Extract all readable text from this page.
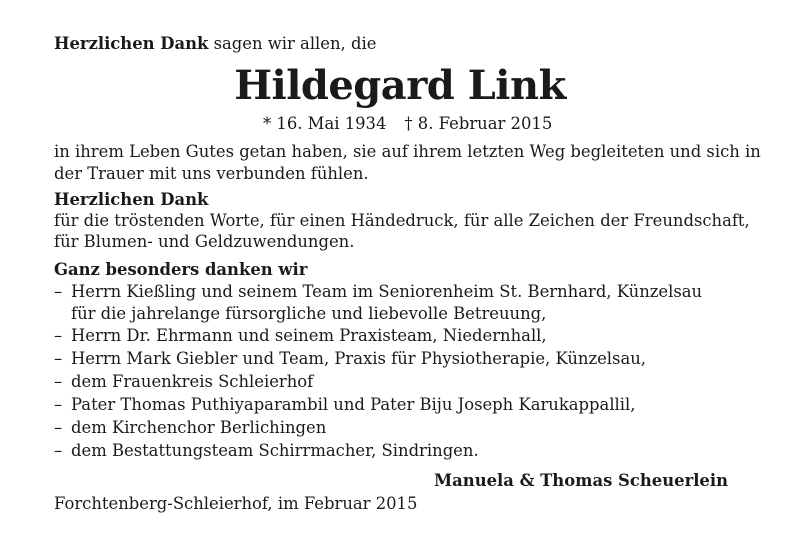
Herzlichen Dank sagen wir allen, die
Hildegard Link
* 16. Mai 1934 † 8. Februar 2015
in ihrem Leben Gutes getan haben, sie auf ihrem letzten Weg begleiteten und sich in
der Trauer mit uns verbunden fühlen.
Herzlichen Dank
für die tröstenden Worte, für einen Händedruck, für alle Zeichen der Freundschaft,
für Blumen- und Geldzuwendungen.
Ganz besonders danken wir
– Herrn Kießling und seinem Team im Seniorenheim St. Bernhard, Künzelsau
für die jahrelange fürsorgliche und liebevolle Betreuung,
– Herrn Dr. Ehrmann und seinem Praxisteam, Niedernhall,
– Herrn Mark Giebler und Team, Praxis für Physiotherapie, Künzelsau,
– dem Frauenkreis Schleierhof
– Pater Thomas Puthiyaparambil und Pater Biju Joseph Karukappallil,
– dem Kirchenchor Berlichingen
– dem Bestattungsteam Schirrmacher, Sindringen.
Manuela & Thomas Scheuerlein
Forchtenberg-Schleierhof, im Februar 2015
